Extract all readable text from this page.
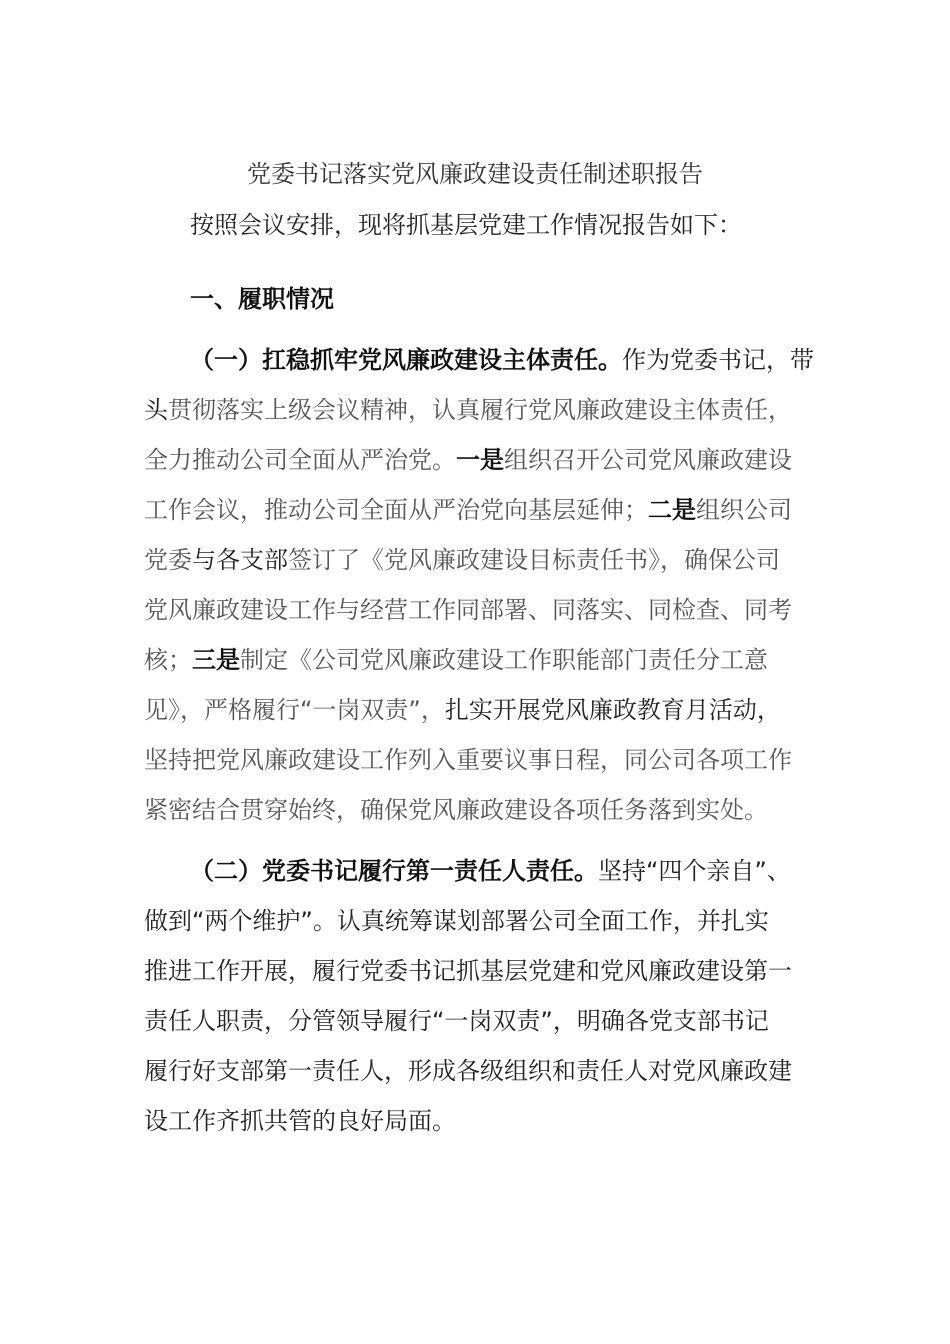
党委书记落实党风廉政建设责任制述职报告
按照会议安排，现将抓基层党建工作情况报告如下：
一、履职情况
（一）扛稳抓牢党风廉政建设主体责任。作为党委书记，带
头贯彻落实上级会议精神，认真履行党风廉政建设主体责任，
全力推动公司全面从严治党。一是组织召开公司党风廉政建设
工作会议，推动公司全面从严治党向基层延伸；二是组织公司
党委与各支部签订了《党风廉政建设目标责任书》，确保公司
党风廉政建设工作与经营工作同部署、同落实、同检查、同考
核；三是制定《公司党风廉政建设工作职能部门责任分工意
见》，严格履行“一岗双责”，扎实开展党风廉政教育月活动，
坚持把党风廉政建设工作列入重要议事日程，同公司各项工作
紧密结合贯穿始终，确保党风廉政建设各项任务落到实处。
（二）党委书记履行第一责任人责任。坚持“四个亲自”、
做到“两个维护”。认真统筹谋划部署公司全面工作，并扎实
推进工作开展，履行党委书记抓基层党建和党风廉政建设第一
责任人职责，分管领导履行“一岗双责”，明确各党支部书记
履行好支部第一责任人，形成各级组织和责任人对党风廉政建
设工作齐抓共管的良好局面。
